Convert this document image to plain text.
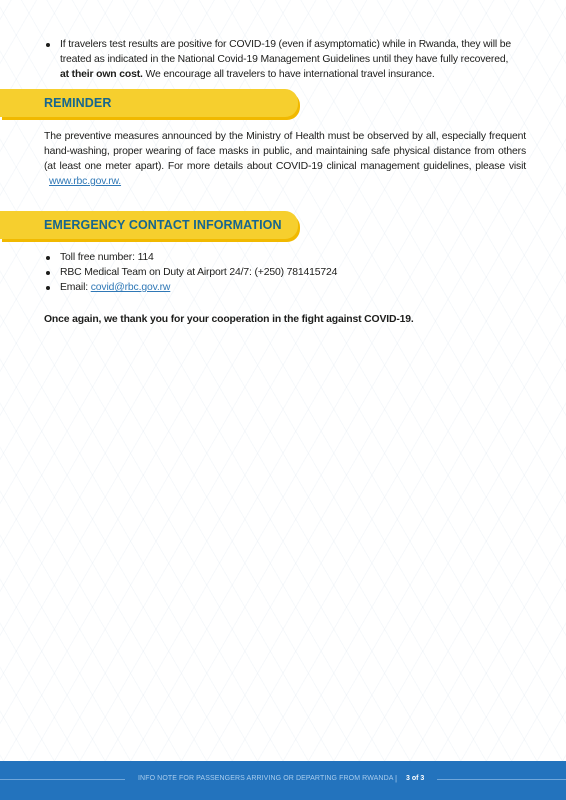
If travelers test results are positive for COVID-19 (even if asymptomatic) while in Rwanda, they will be treated as indicated in the National Covid-19 Management Guidelines until they have fully recovered,
at their own cost. We encourage all travelers to have international travel insurance.
REMINDER
The preventive measures announced by the Ministry of Health must be observed by all, especially frequent hand-washing, proper wearing of face masks in public, and maintaining safe physical distance from others (at least one meter apart). For more details about COVID-19 clinical management guidelines, please visit www.rbc.gov.rw.
EMERGENCY CONTACT INFORMATION
Toll free number: 114
RBC Medical Team on Duty at Airport 24/7: (+250) 781415724
Email: covid@rbc.gov.rw
Once again, we thank you for your cooperation in the fight against COVID-19.
INFO NOTE FOR PASSENGERS ARRIVING OR DEPARTING FROM RWANDA | 3 of 3
